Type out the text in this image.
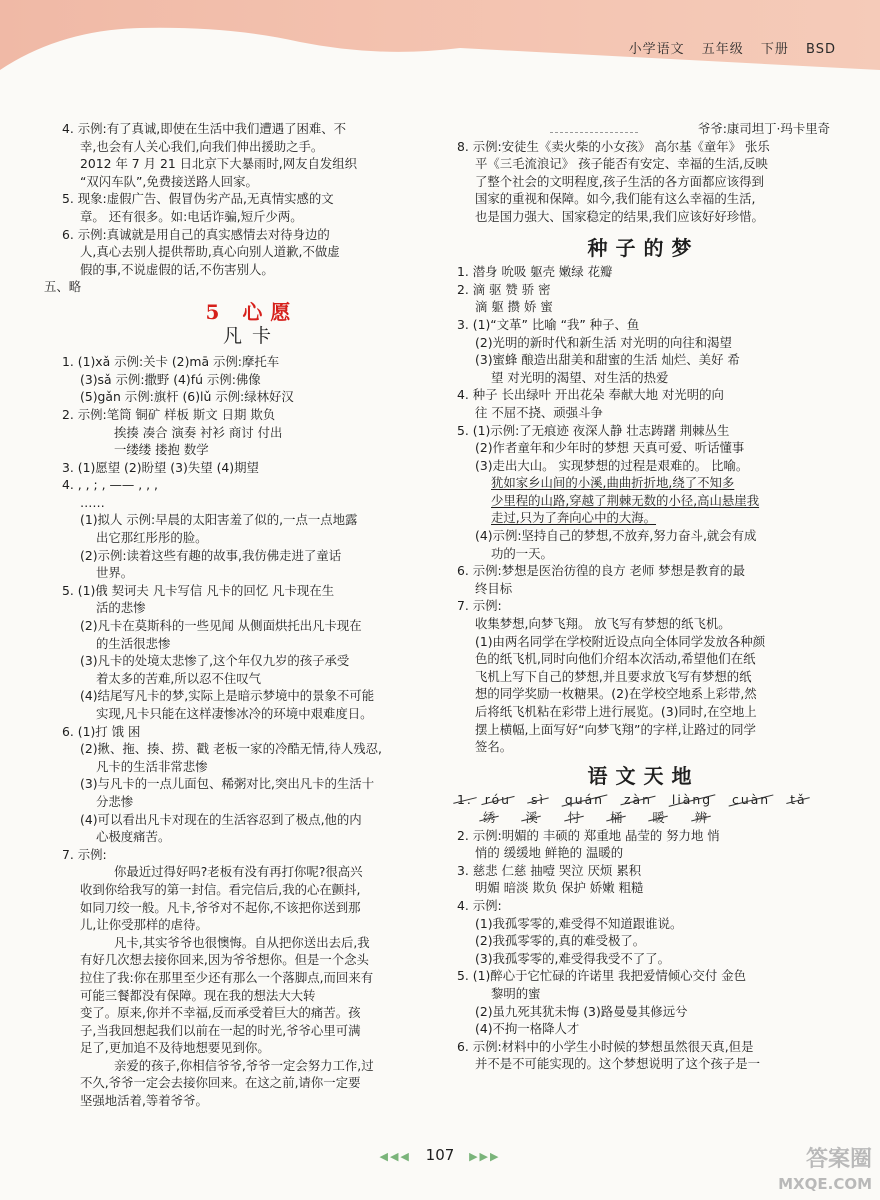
小学语文 五年级 下册 BSD
4. 示例:有了真诚,即使在生活中我们遭遇了困难、不
幸,也会有人关心我们,向我们伸出援助之手。
2012 年 7 月 21 日北京下大暴雨时,网友自发组织
“双闪车队”,免费接送路人回家。
5. 现象:虚假广告、假冒伪劣产品,无真情实感的文
章。 还有很多。如:电话诈骗,短斤少两。
6. 示例:真诚就是用自己的真实感情去对待身边的
人,真心去别人提供帮助,真心向别人道歉,不做虚
假的事,不说虚假的话,不伤害别人。
五、略
5 心愿
凡卡
1. (1)xǎ 示例:关卡 (2)mā 示例:摩托车
(3)sǎ 示例:撒野 (4)fú 示例:佛像
(5)gǎn 示例:旗杆 (6)lǔ 示例:绿林好汉
2. 示例:笔筒 铜矿 样板 斯文 日期 欺负
挨揍 凑合 演奏 衬衫 商讨 付出
一缕缕 搂抱 数学
3. (1)愿望 (2)盼望 (3)失望 (4)期望
4. , , ; , —— , , ,
……
(1)拟人 示例:早晨的太阳害羞了似的,一点一点地露
出它那红彤彤的脸。
(2)示例:读着这些有趣的故事,我仿佛走进了童话
世界。
5. (1)俄 契诃夫 凡卡写信 凡卡的回忆 凡卡现在生
活的悲惨
(2)凡卡在莫斯科的一些见闻 从侧面烘托出凡卡现在
的生活很悲惨
(3)凡卡的处境太悲惨了,这个年仅九岁的孩子承受
着太多的苦难,所以忍不住叹气
(4)结尾写凡卡的梦,实际上是暗示梦境中的景象不可能
实现,凡卡只能在这样凄惨冰冷的环境中艰难度日。
6. (1)打 饿 困
(2)揪、拖、揍、捞、戳 老板一家的冷酷无情,待人残忍,
凡卡的生活非常悲惨
(3)与凡卡的一点儿面包、稀粥对比,突出凡卡的生活十
分悲惨
(4)可以看出凡卡对现在的生活容忍到了极点,他的内
心极度痛苦。
7. 示例:
你最近过得好吗?老板有没有再打你呢?很高兴
收到你给我写的第一封信。看完信后,我的心在颤抖,
如同刀绞一般。凡卡,爷爷对不起你,不该把你送到那
儿,让你受那样的虐待。
凡卡,其实爷爷也很懊悔。自从把你送出去后,我
有好几次想去接你回来,因为爷爷想你。但是一个念头
拉住了我:你在那里至少还有那么一个落脚点,而回来有
可能三餐都没有保障。现在我的想法大大转
变了。原来,你并不幸福,反而承受着巨大的痛苦。孩
子,当我回想起我们以前在一起的时光,爷爷心里可满
足了,更加追不及待地想要见到你。
亲爱的孩子,你相信爷爷,爷爷一定会努力工作,过
不久,爷爷一定会去接你回来。在这之前,请你一定要
坚强地活着,等着爷爷。
爷爷:康司坦丁·玛卡里奇
8. 示例:安徒生《卖火柴的小女孩》 高尔基《童年》 张乐
平《三毛流浪记》 孩子能否有安定、幸福的生活,反映
了整个社会的文明程度,孩子生活的各方面都应该得到
国家的重视和保障。如今,我们能有这么幸福的生活,
也是国力强大、国家稳定的结果,我们应该好好珍惜。
种子的梦
1. 潜身 吮吸 躯壳 嫩绿 花瓣
2. 滴 驱 赞 骄 密
滴 躯 攒 娇 蜜
3. (1)“文革” 比喻 “我” 种子、鱼
(2)光明的新时代和新生活 对光明的向往和渴望
(3)蜜蜂 酿造出甜美和甜蜜的生活 灿烂、美好 希
望 对光明的渴望、对生活的热爱
4. 种子 长出绿叶 开出花朵 奉献大地 对光明的向
往 不屈不挠、顽强斗争
5. (1)示例:了无痕迹 夜深人静 壮志踌躇 荆棘丛生
(2)作者童年和少年时的梦想 天真可爱、听话懂事
(3)走出大山。 实现梦想的过程是艰难的。 比喻。
犹如家乡山间的小溪,曲曲折折地,绕了不知多
少里程的山路,穿越了荆棘无数的小径,高山悬崖我
走过,只为了奔向心中的大海。
(4)示例:坚持自己的梦想,不放弃,努力奋斗,就会有成
功的一天。
6. 示例:梦想是医治彷徨的良方 老师 梦想是教育的最
终目标
7. 示例:
收集梦想,向梦飞翔。 放飞写有梦想的纸飞机。
(1)由两名同学在学校附近设点向全体同学发放各种颜
色的纸飞机,同时向他们介绍本次活动,希望他们在纸
飞机上写下自己的梦想,并且要求放飞写有梦想的纸
想的同学奖励一枚糖果。(2)在学校空地系上彩带,然
后将纸飞机粘在彩带上进行展览。(3)同时,在空地上
摆上横幅,上面写好“向梦飞翔”的字样,让路过的同学
签名。
语文天地
1. róu sì quán zàn liàng cuàn tǎ
绣 溪 忖 桶 暖 辨
2. 示例:明媚的 丰硕的 郑重地 晶莹的 努力地 悄
悄的 缓缓地 鲜艳的 温暖的
3. 慈悲 仁慈 抽噎 哭泣 厌烦 累积
明媚 暗淡 欺负 保护 娇嫩 粗糙
4. 示例:
(1)我孤零零的,难受得不知道跟谁说。
(2)我孤零零的,真的难受极了。
(3)我孤零零的,难受得我受不了了。
5. (1)醉心于它忙碌的许诺里 我把爱情倾心交付 金色
黎明的蜜
(2)虽九死其犹未悔 (3)路曼曼其修远兮
(4)不拘一格降人才
6. 示例:材料中的小学生小时候的梦想虽然很天真,但是
并不是不可能实现的。这个梦想说明了这个孩子是一
◀◀◀ 107 ▶▶▶	答案圈
MXQE.COM
